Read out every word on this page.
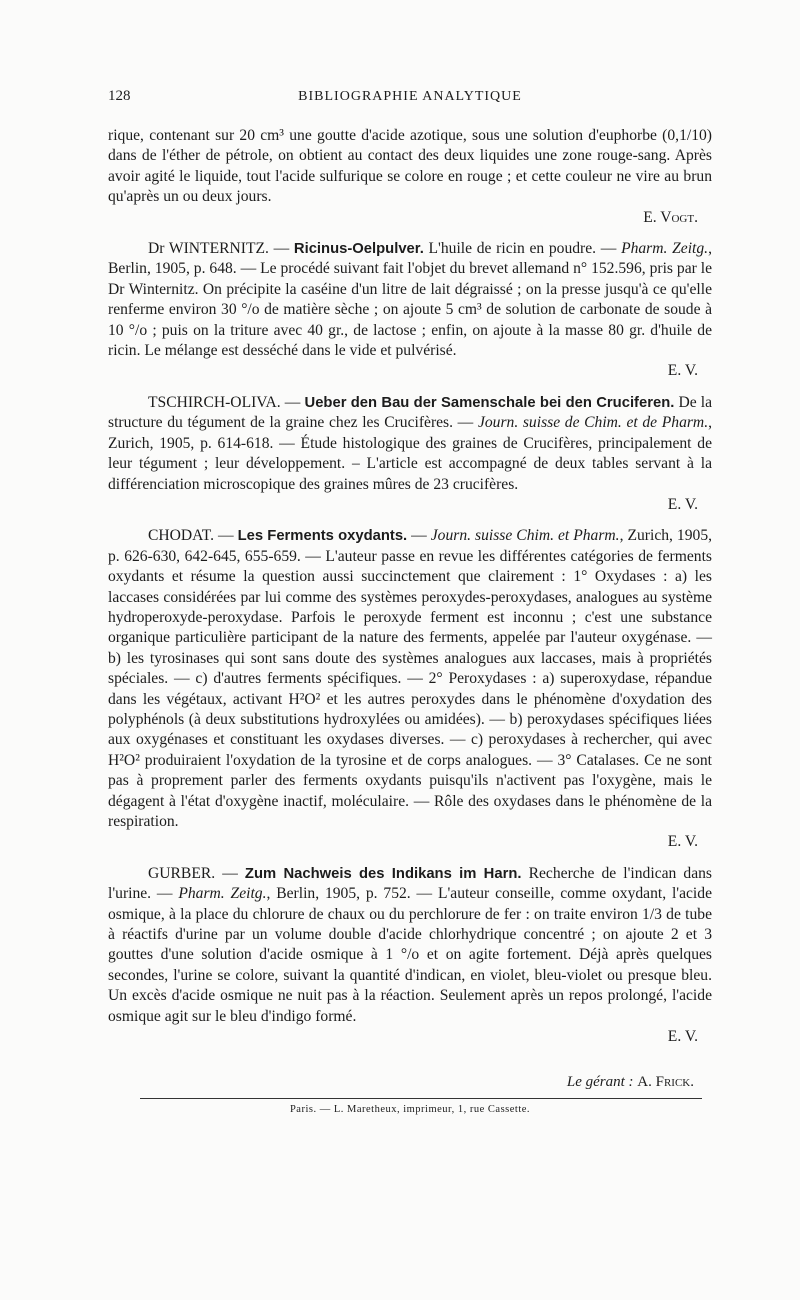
128	BIBLIOGRAPHIE ANALYTIQUE
rique, contenant sur 20 cm³ une goutte d'acide azotique, sous une solution d'euphorbe (0,1/10) dans de l'éther de pétrole, on obtient au contact des deux liquides une zone rouge-sang. Après avoir agité le liquide, tout l'acide sulfurique se colore en rouge ; et cette couleur ne vire au brun qu'après un ou deux jours.
E. Vogt.
Dr WINTERNITZ. — Ricinus-Oelpulver. L'huile de ricin en poudre. — Pharm. Zeitg., Berlin, 1905, p. 648. — Le procédé suivant fait l'objet du brevet allemand n° 152.596, pris par le Dr Winternitz. On précipite la caséine d'un litre de lait dégraissé ; on la presse jusqu'à ce qu'elle renferme environ 30 °/o de matière sèche ; on ajoute 5 cm³ de solution de carbonate de soude à 10 °/o ; puis on la triture avec 40 gr., de lactose ; enfin, on ajoute à la masse 80 gr. d'huile de ricin. Le mélange est desséché dans le vide et pulvérisé.
E. V.
TSCHIRCH-OLIVA. — Ueber den Bau der Samenschale bei den Cruciferen. De la structure du tégument de la graine chez les Crucifères. — Journ. suisse de Chim. et de Pharm., Zurich, 1905, p. 614-618. — Étude histologique des graines de Crucifères, principalement de leur tégument ; leur développement. – L'article est accompagné de deux tables servant à la différenciation microscopique des graines mûres de 23 crucifères.
E. V.
CHODAT. — Les Ferments oxydants. — Journ. suisse Chim. et Pharm., Zurich, 1905, p. 626-630, 642-645, 655-659. — L'auteur passe en revue les différentes catégories de ferments oxydants et résume la question aussi succinctement que clairement : 1° Oxydases : a) les laccases considérées par lui comme des systèmes peroxydes-peroxydases, analogues au système hydroperoxyde-peroxydase. Parfois le peroxyde ferment est inconnu ; c'est une substance organique particulière participant de la nature des ferments, appelée par l'auteur oxygénase. — b) les tyrosinases qui sont sans doute des systèmes analogues aux laccases, mais à propriétés spéciales. — c) d'autres ferments spécifiques. — 2° Peroxydases : a) superoxydase, répandue dans les végétaux, activant H²O² et les autres peroxydes dans le phénomène d'oxydation des polyphénols (à deux substitutions hydroxylées ou amidées). — b) peroxydases spécifiques liées aux oxygénases et constituant les oxydases diverses. — c) peroxydases à rechercher, qui avec H²O² produiraient l'oxydation de la tyrosine et de corps analogues. — 3° Catalases. Ce ne sont pas à proprement parler des ferments oxydants puisqu'ils n'activent pas l'oxygène, mais le dégagent à l'état d'oxygène inactif, moléculaire. — Rôle des oxydases dans le phénomène de la respiration.
E. V.
GURBER. — Zum Nachweis des Indikans im Harn. Recherche de l'indican dans l'urine. — Pharm. Zeitg., Berlin, 1905, p. 752. — L'auteur conseille, comme oxydant, l'acide osmique, à la place du chlorure de chaux ou du perchlorure de fer : on traite environ 1/3 de tube à réactifs d'urine par un volume double d'acide chlorhydrique concentré ; on ajoute 2 et 3 gouttes d'une solution d'acide osmique à 1 °/o et on agite fortement. Déjà après quelques secondes, l'urine se colore, suivant la quantité d'indican, en violet, bleu-violet ou presque bleu. Un excès d'acide osmique ne nuit pas à la réaction. Seulement après un repos prolongé, l'acide osmique agit sur le bleu d'indigo formé.
E. V.
Le gérant : A. Frick.
Paris. — L. Maretheux, imprimeur, 1, rue Cassette.
